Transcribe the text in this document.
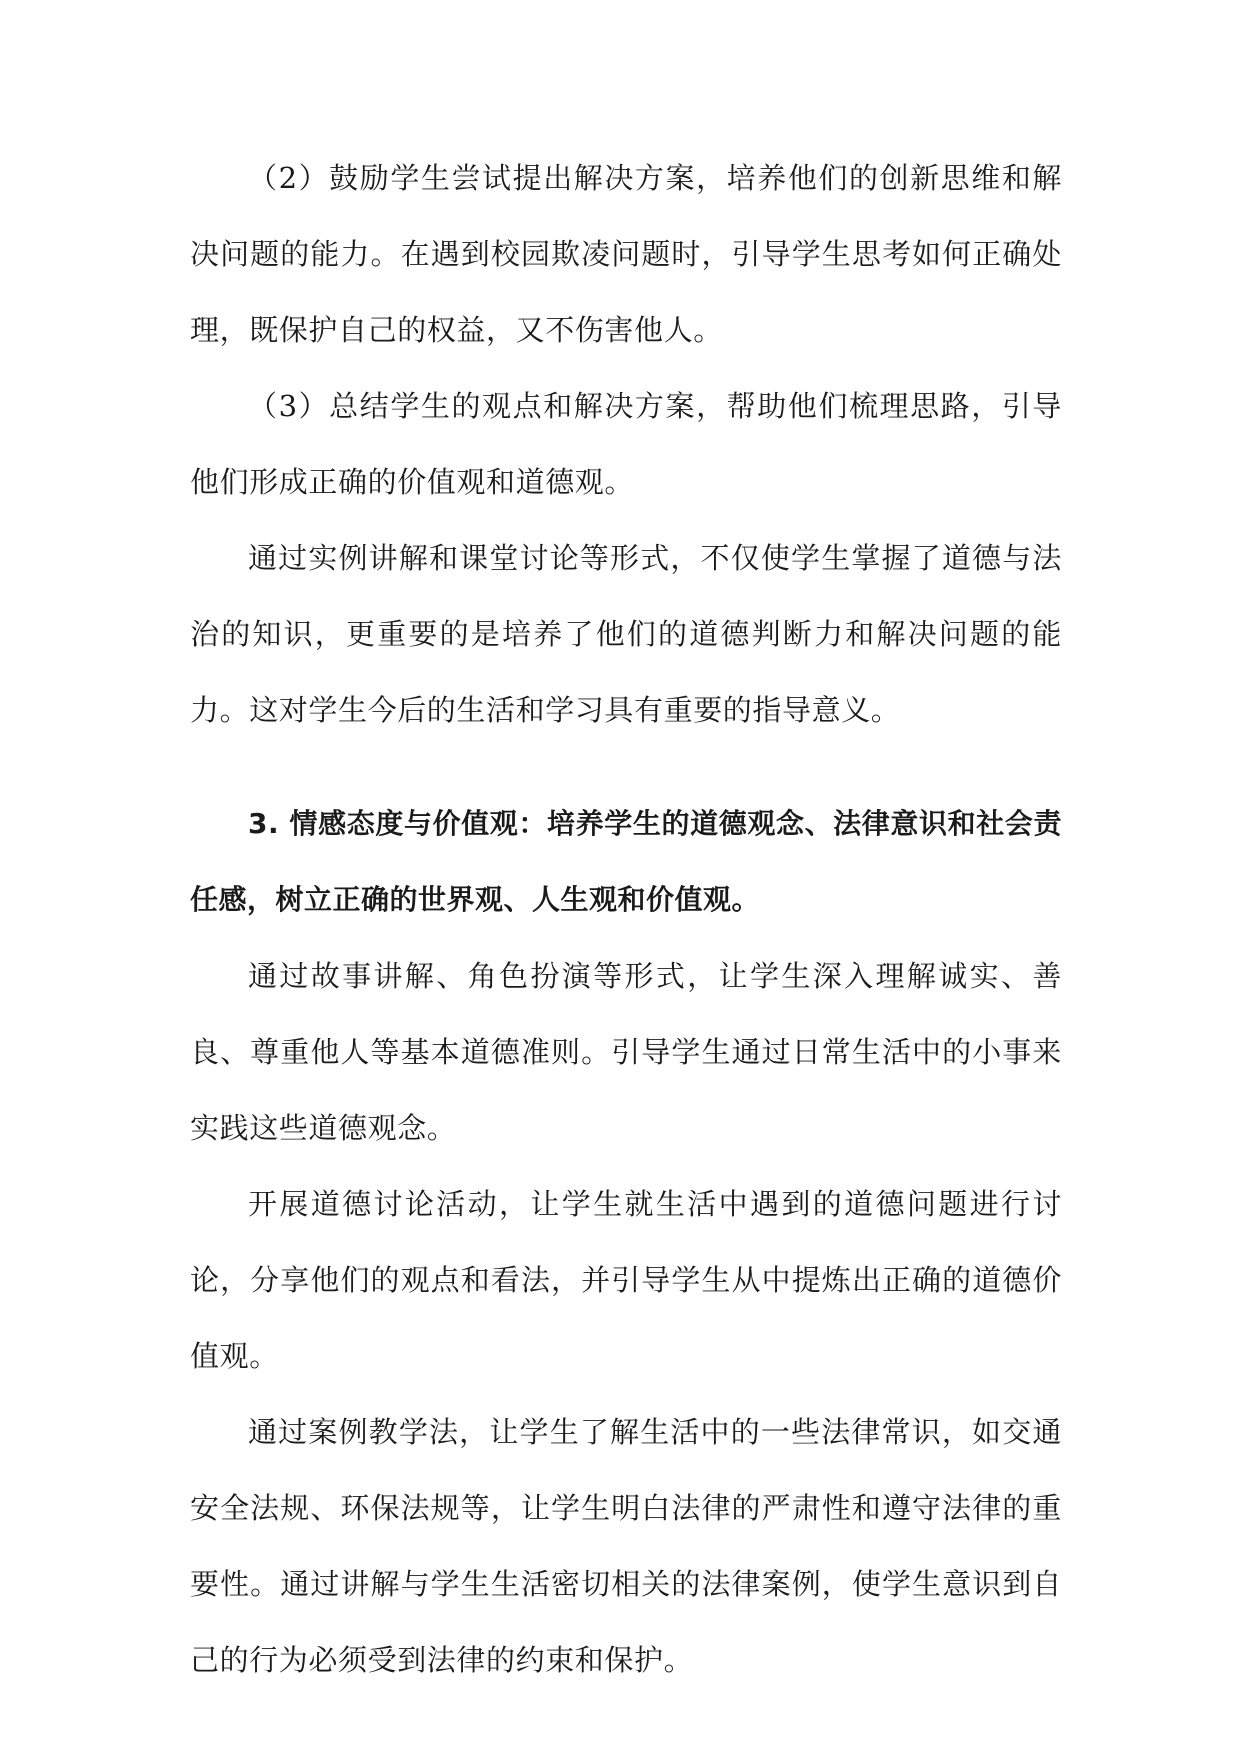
（2）鼓励学生尝试提出解决方案，培养他们的创新思维和解决问题的能力。在遇到校园欺凌问题时，引导学生思考如何正确处理，既保护自己的权益，又不伤害他人。

（3）总结学生的观点和解决方案，帮助他们梳理思路，引导他们形成正确的价值观和道德观。

通过实例讲解和课堂讨论等形式，不仅使学生掌握了道德与法治的知识，更重要的是培养了他们的道德判断力和解决问题的能力。这对学生今后的生活和学习具有重要的指导意义。

3. 情感态度与价值观：培养学生的道德观念、法律意识和社会责任感，树立正确的世界观、人生观和价值观。

通过故事讲解、角色扮演等形式，让学生深入理解诚实、善良、尊重他人等基本道德准则。引导学生通过日常生活中的小事来实践这些道德观念。

开展道德讨论活动，让学生就生活中遇到的道德问题进行讨论，分享他们的观点和看法，并引导学生从中提炼出正确的道德价值观。

通过案例教学法，让学生了解生活中的一些法律常识，如交通安全法规、环保法规等，让学生明白法律的严肃性和遵守法律的重要性。通过讲解与学生生活密切相关的法律案例，使学生意识到自己的行为必须受到法律的约束和保护。
